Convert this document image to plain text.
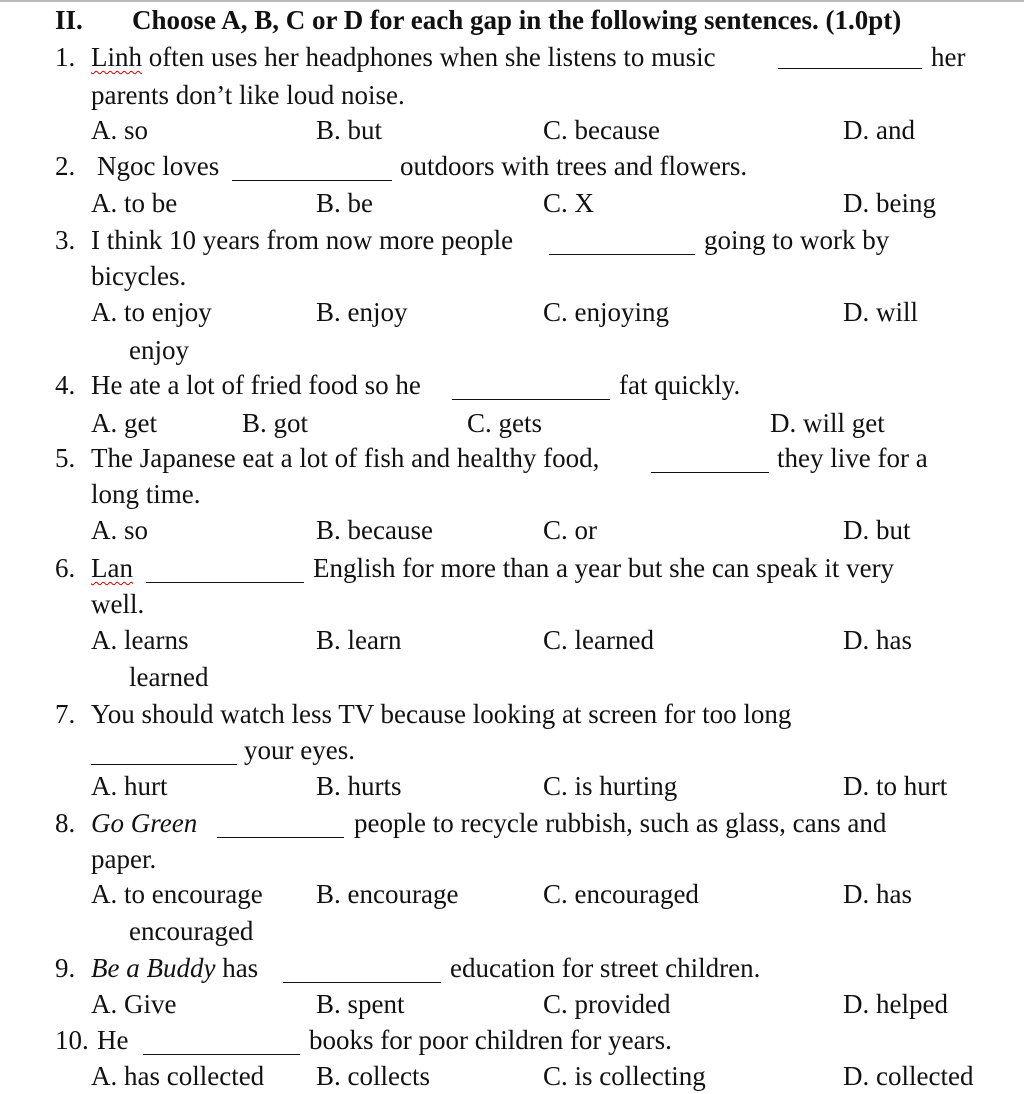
II. Choose A, B, C or D for each gap in the following sentences. (1.0pt)
1. Linh often uses her headphones when she listens to music	her
parents don’t like loud noise.
A. so	B. but	C. because	D. and
2. Ngoc loves	outdoors with trees and flowers.
A. to be	B. be	C. X	D. being
3. I think 10 years from now more people	going to work by
bicycles.
A. to enjoy	B. enjoy	C. enjoying	D. will
enjoy
4. He ate a lot of fried food so he	fat quickly.
A. get	B. got	C. gets	D. will get
5. The Japanese eat a lot of fish and healthy food,	they live for a
long time.
A. so	B. because	C. or	D. but
6. Lan	English for more than a year but she can speak it very
well.
A. learns	B. learn	C. learned	D. has
learned
7. You should watch less TV because looking at screen for too long
your eyes.
A. hurt	B. hurts	C. is hurting	D. to hurt
8. Go Green	people to recycle rubbish, such as glass, cans and
paper.
A. to encourage B. encourage	C. encouraged	D. has
encouraged
9. Be a Buddy has	education for street children.
A. Give	B. spent	C. provided	D. helped
10. He	books for poor children for years.
A. has collected B. collects	C. is collecting	D. collected
